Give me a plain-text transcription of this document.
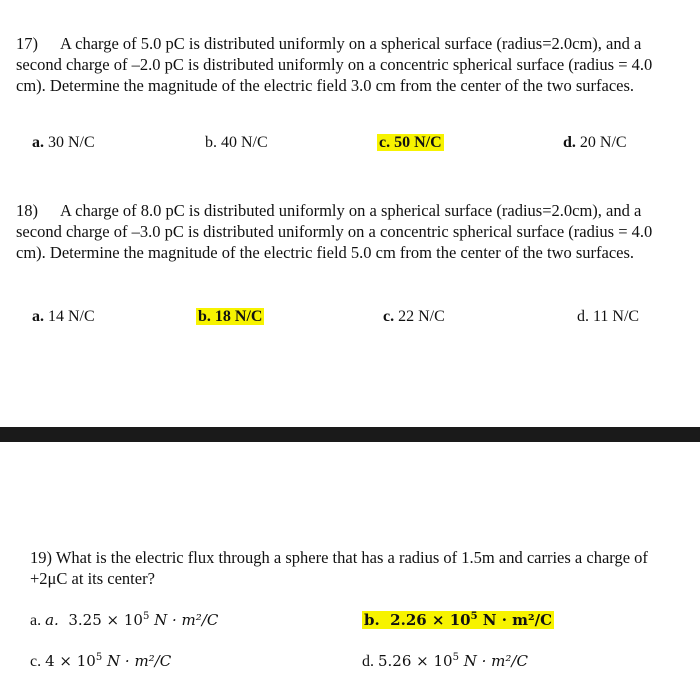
17) A charge of 5.0 pC is distributed uniformly on a spherical surface (radius=2.0cm), and a second charge of –2.0 pC is distributed uniformly on a concentric spherical surface (radius = 4.0 cm). Determine the magnitude of the electric field 3.0 cm from the center of the two surfaces.

a. 30 N/C	b. 40 N/C	c. 50 N/C	d. 20 N/C

18) A charge of 8.0 pC is distributed uniformly on a spherical surface (radius=2.0cm), and a second charge of –3.0 pC is distributed uniformly on a concentric spherical surface (radius = 4.0 cm). Determine the magnitude of the electric field 5.0 cm from the center of the two surfaces.

a. 14 N/C	b. 18 N/C	c. 22 N/C	d. 11 N/C

19) What is the electric flux through a sphere that has a radius of 1.5m and carries a charge of +2μC at its center?

a. a. $3.25 \times 10^5$ N · m²/C	b. $2.26 \times 10^5$ N · m²/C
c. $4 \times 10^5$ N · m²/C	d. $5.26 \times 10^5$ N · m²/C
